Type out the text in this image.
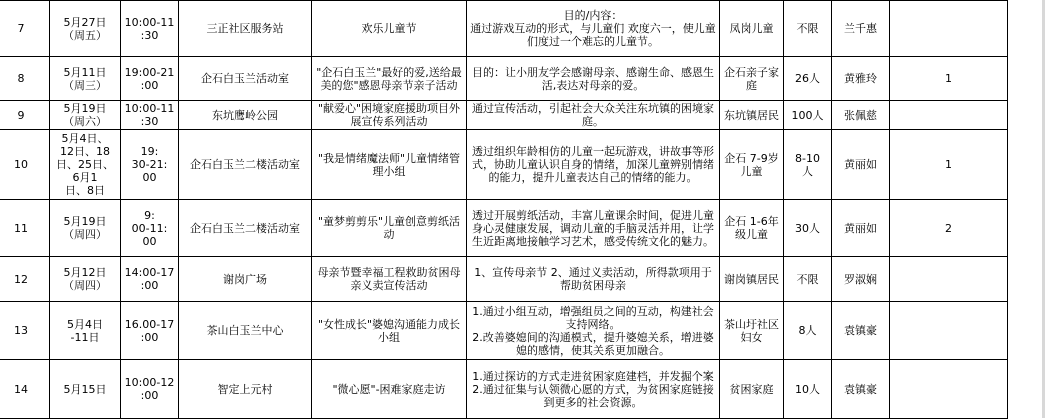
7	5月27日
（周五）	10:00-11
:30	三正社区服务站	欢乐儿童节	目的/内容：
通过游戏互动的形式，与儿童们 欢度六一，使儿童们度过一个难忘的儿童节。	凤岗儿童	不限	兰千惠	

8	5月11日
（周三）	19:00-21
:00	企石白玉兰活动室	"企石白玉兰"最好的爱,送给最美的您"感恩母亲节亲子活动	目的：让小朋友学会感谢母亲、感谢生命、感恩生活,表达对母亲的爱。	企石亲子家庭	26人	黄雅玲	1

9	5月19日
（周六）	10:00-11
:30	东坑鹰岭公园	"献爱心"困境家庭援助项目外展宣传系列活动	通过宣传活动，引起社会大众关注东坑镇的困境家庭。	东坑镇居民	100人	张佩慈	

10	5月4日、
12日、18
日、25日、
6月1
日、8日	19:
30-21:
00	企石白玉兰二楼活动室	"我是情绪魔法师"儿童情绪管理小组	透过组织年龄相仿的儿童一起玩游戏，讲故事等形式，协助儿童认识自身的情绪，加深儿童辨别情绪的能力，提升儿童表达自己的情绪的能力。	企石 7-9岁儿童	8-10
人	黄丽如	1

11	5月19日
（周四）	9:
00-11:
00	企石白玉兰二楼活动室	"童梦剪剪乐"儿童创意剪纸活动	透过开展剪纸活动，丰富儿童课余时间，促进儿童身心灵健康发展，调动儿童的手脑灵活并用，让学生近距离地接触学习艺术，感受传统文化的魅力。	企石 1-6年级儿童	30人	黄丽如	2

12	5月12日
（周四）	14:00-17
:00	谢岗广场	母亲节暨幸福工程救助贫困母亲义卖宣传活动	1、宣传母亲节 2、通过义卖活动，所得款项用于帮助贫困母亲	谢岗镇居民	不限	罗淑娴	

13	5月4日
-11日	16.00-17
:00	茶山白玉兰中心	"女性成长"婆媳沟通能力成长小组	1.通过小组互动，增强组员之间的互动，构建社会支持网络。
2.改善婆媳间的沟通模式，提升婆媳关系，增进婆媳的感情，使其关系更加融合。	茶山圩社区妇女	8人	袁镇豪	

14	5月15日	10:00-12
:00	智定上元村	"微心愿"-困难家庭走访	1.通过探访的方式走进贫困家庭建档，并发掘个案
2.通过征集与认领微心愿的方式，为贫困家庭链接到更多的社会资源。	贫困家庭	10人	袁镇豪	
